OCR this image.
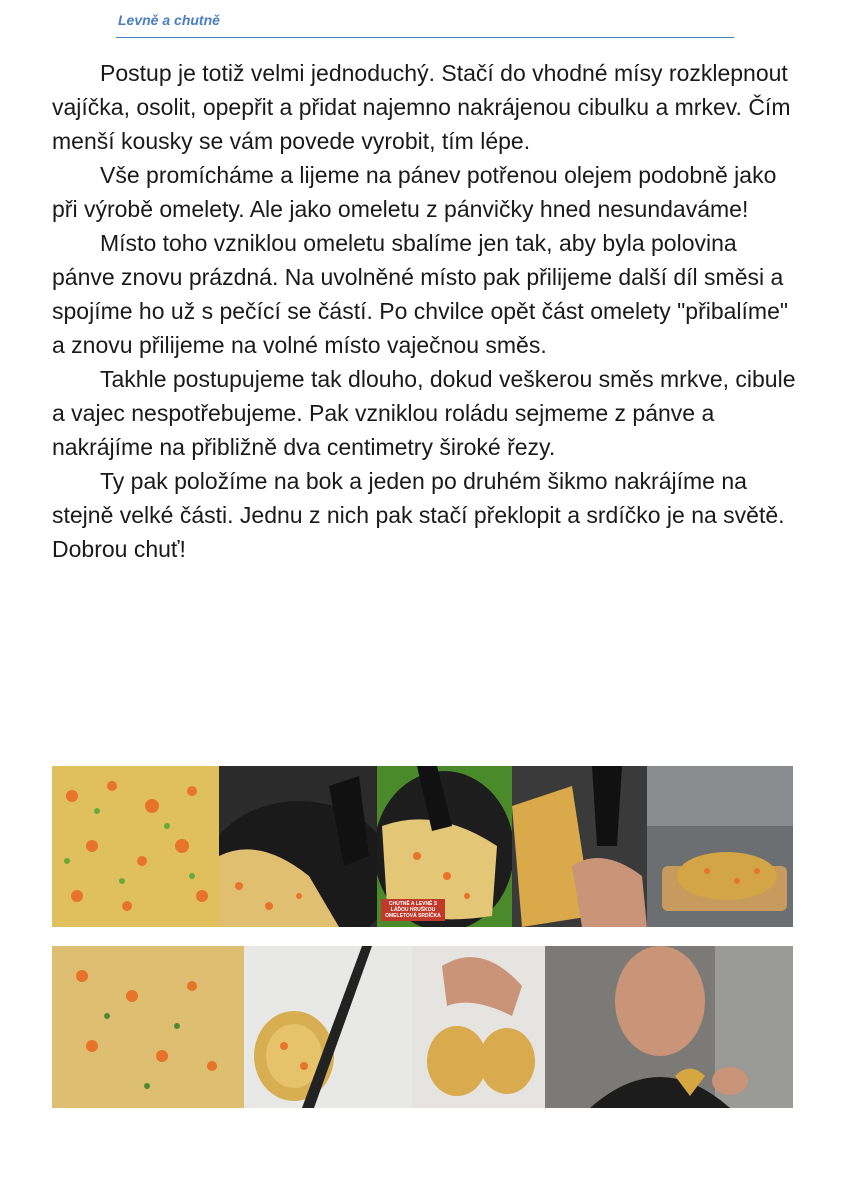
Levně a chutně

Postup je totiž velmi jednoduchý. Stačí do vhodné mísy rozklepnout vajíčka, osolit, opepřit a přidat najemno nakrájenou cibulku a mrkev. Čím menší kousky se vám povede vyrobit, tím lépe.

Vše promícháme a lijeme na pánev potřenou olejem podobně jako při výrobě omelety. Ale jako omeletu z pánvičky hned nesundaváme!

Místo toho vzniklou omeletu sbalíme jen tak, aby byla polovina pánve znovu prázdná. Na uvolněné místo pak přilijeme další díl směsi a spojíme ho už s pečící se částí. Po chvilce opět část omelety "přibalíme" a znovu přilijeme na volné místo vaječnou směs.

Takhle postupujeme tak dlouho, dokud veškerou směs mrkve, cibule a vajec nespotřebujeme. Pak vzniklou roládu sejmeme z pánve a nakrájíme na přibližně dva centimetry široké řezy.

Ty pak položíme na bok a jeden po druhém šikmo nakrájíme na stejně velké části. Jednu z nich pak stačí překlopit a srdíčko je na světě. Dobrou chuť!

CHUTNĚ A LEVNĚ S LÁĎOU HRUŠKOU OMELETOVÁ SRDÍČKA
